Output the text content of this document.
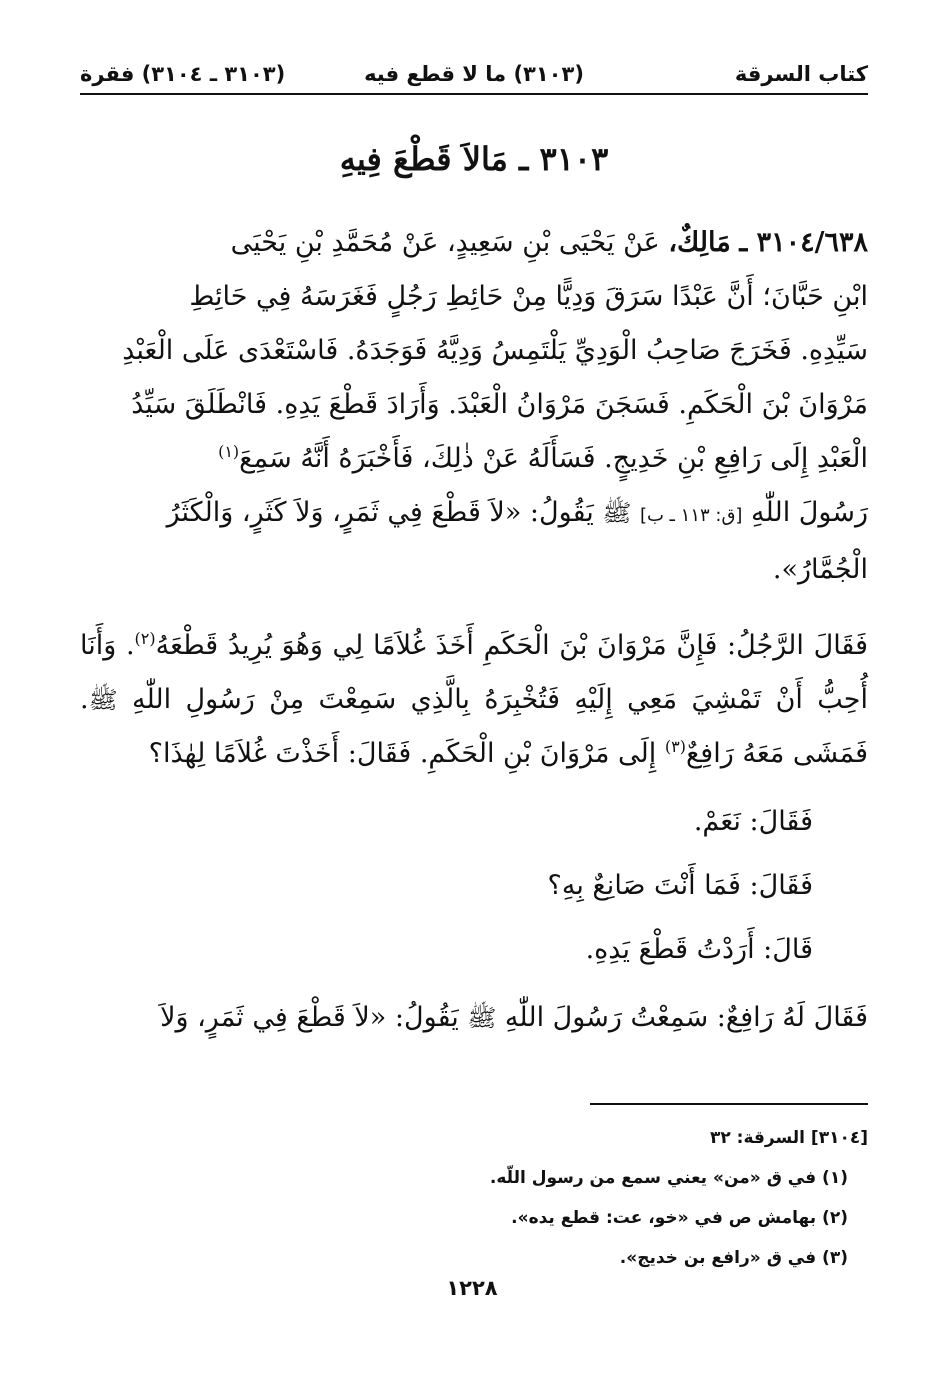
كتاب السرقة
(٣١٠٣) ما لا قطع فيه
(٣١٠٣ ـ ٣١٠٤) فقرة
٣١٠٣ ـ مَالاَ قَطْعَ فِيهِ

٣١٠٤/٦٣٨ ـ مَالِكٌ، عَنْ يَحْيَى بْنِ سَعِيدٍ، عَنْ مُحَمَّدِ بْنِ يَحْيَى
ابْنِ حَبَّانَ؛ أَنَّ عَبْدًا سَرَقَ وَدِيًّا مِنْ حَائِطِ رَجُلٍ فَغَرَسَهُ فِي حَائِطِ
سَيِّدِهِ. فَخَرَجَ صَاحِبُ الْوَدِيِّ يَلْتَمِسُ وَدِيَّهُ فَوَجَدَهُ. فَاسْتَعْدَى عَلَى الْعَبْدِ
مَرْوَانَ بْنَ الْحَكَمِ. فَسَجَنَ مَرْوَانُ الْعَبْدَ. وَأَرَادَ قَطْعَ يَدِهِ. فَانْطَلَقَ سَيِّدُ
الْعَبْدِ إِلَى رَافِعِ بْنِ خَدِيجٍ. فَسَأَلَهُ عَنْ ذٰلِكَ، فَأَخْبَرَهُ أَنَّهُ سَمِعَ$^{(١)}$
رَسُولَ اللّٰهِ [ق: ١١٣ ـ ب] ﷺ يَقُولُ: «لاَ قَطْعَ فِي ثَمَرٍ، وَلاَ كَثَرٍ، وَالْكَثَرُ
الْجُمَّارُ».

فَقَالَ الرَّجُلُ: فَإِنَّ مَرْوَانَ بْنَ الْحَكَمِ أَخَذَ غُلاَمًا لِي وَهُوَ يُرِيدُ قَطْعَهُ$^{(٢)}$. وَأَنَا أُحِبُّ أَنْ تَمْشِيَ مَعِي إِلَيْهِ فَتُخْبِرَهُ بِالَّذِي سَمِعْتَ مِنْ رَسُولِ اللّٰهِ ﷺ. فَمَشَى مَعَهُ رَافِعٌ$^{(٣)}$ إِلَى مَرْوَانَ بْنِ الْحَكَمِ. فَقَالَ: أَخَذْتَ غُلاَمًا لِهٰذَا؟

فَقَالَ: نَعَمْ.
فَقَالَ: فَمَا أَنْتَ صَانِعٌ بِهِ؟
قَالَ: أَرَدْتُ قَطْعَ يَدِهِ.

فَقَالَ لَهُ رَافِعٌ: سَمِعْتُ رَسُولَ اللّٰهِ ﷺ يَقُولُ: «لاَ قَطْعَ فِي ثَمَرٍ، وَلاَ

[٣١٠٤] السرقة: ٣٢
(١) في ق «من» يعني سمع من رسول اللّه.
(٢) بهامش ص في «خو، عت: قطع يده».
(٣) في ق «رافع بن خديج».
١٢٢٨
